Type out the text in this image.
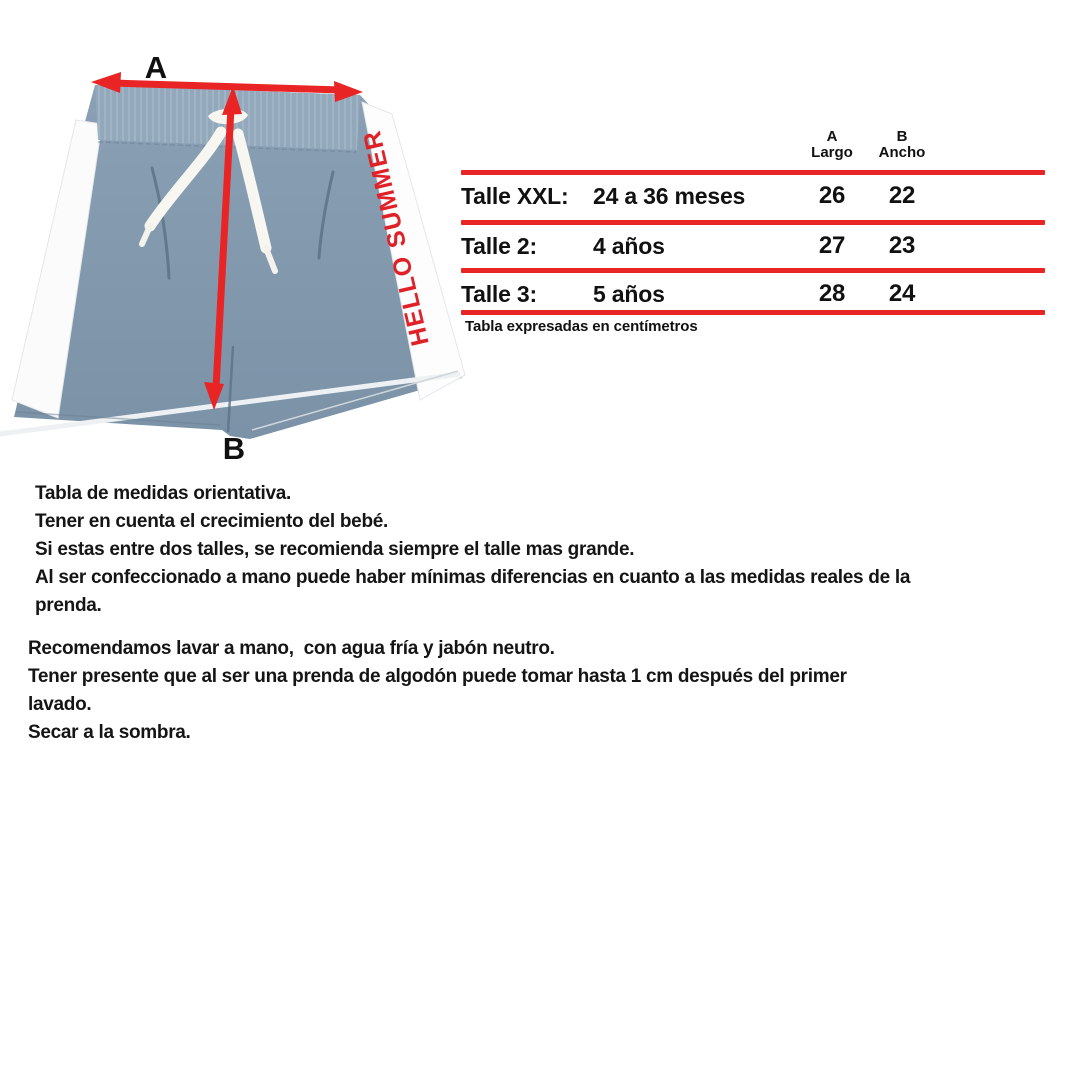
HELLO SUMMER
A
B
A
Largo
B
Ancho
Talle XXL:	24 a 36 meses	26	22
Talle 2:	4 años	27	23
Talle 3:	5 años	28	24
Tabla expresadas en centímetros
Tabla de medidas orientativa.
Tener en cuenta el crecimiento del bebé.
Si estas entre dos talles, se recomienda siempre el talle mas grande.
Al ser confeccionado a mano puede haber mínimas diferencias en cuanto a las medidas reales de la
prenda.
Recomendamos lavar a mano,  con agua fría y jabón neutro.
Tener presente que al ser una prenda de algodón puede tomar hasta 1 cm después del primer
lavado.
Secar a la sombra.
